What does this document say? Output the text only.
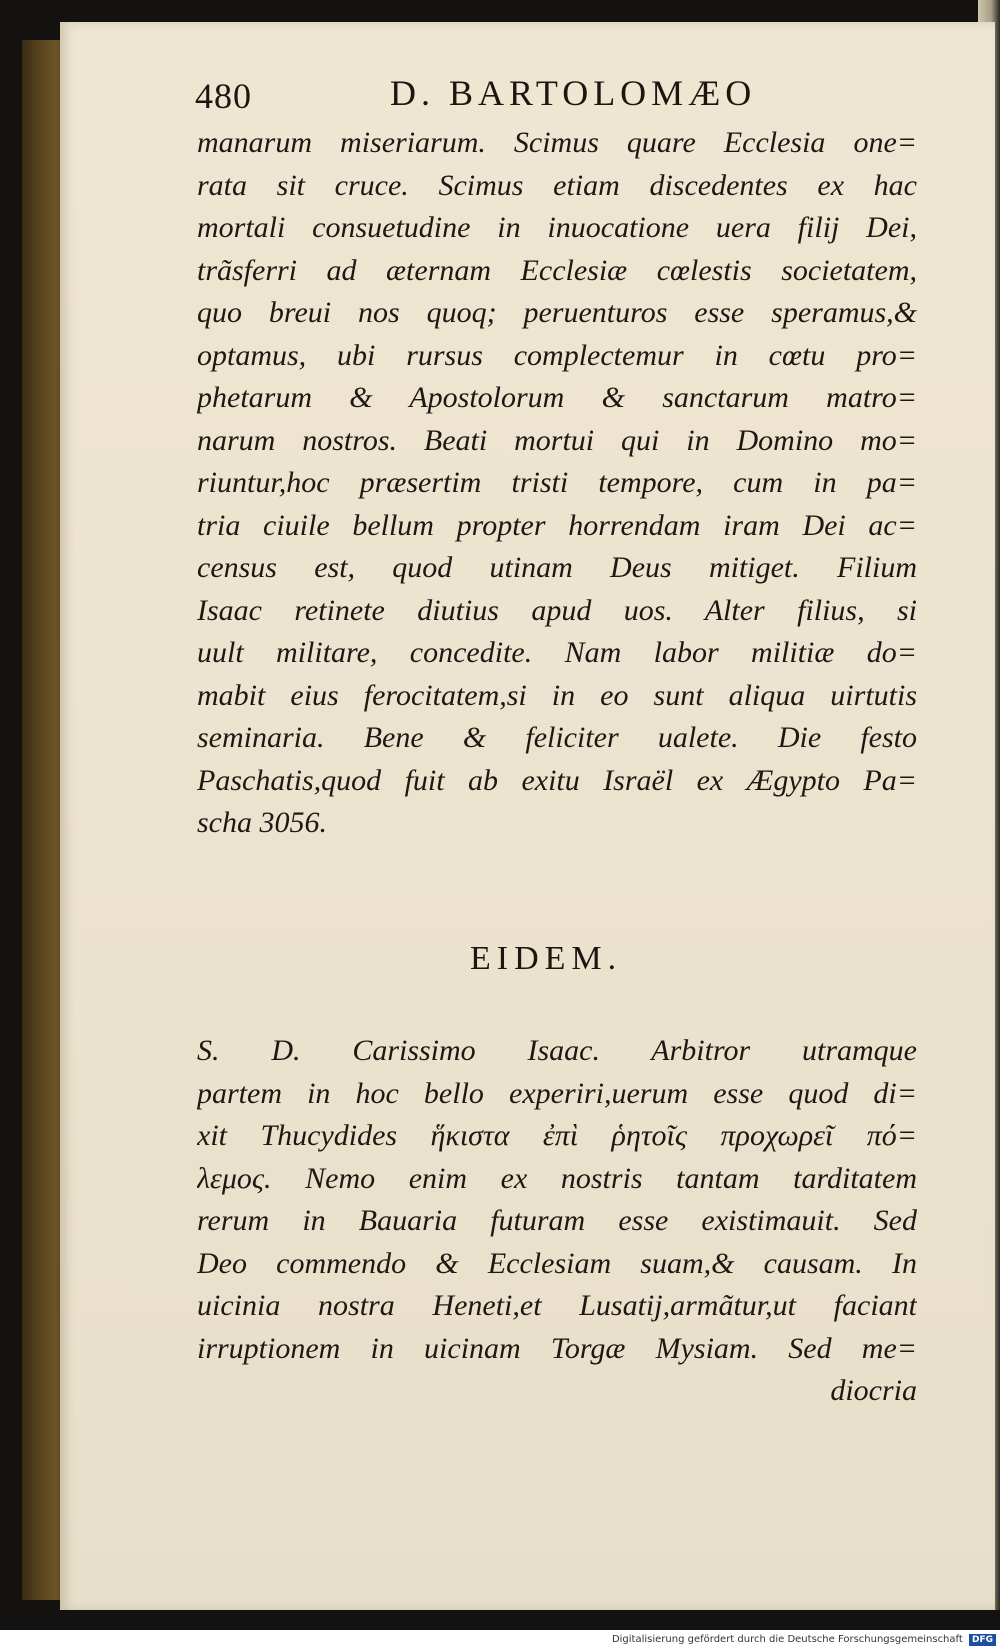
480	D. BARTOLOMÆO
manarum miseriarum. Scimus quare Ecclesia one=
rata sit cruce. Scimus etiam discedentes ex hac
mortali consuetudine in inuocatione uera filij Dei,
trãsferri ad æternam Ecclesiæ cœlestis societatem,
quo breui nos quoq; peruenturos esse speramus,&
optamus, ubi rursus complectemur in cœtu pro=
phetarum & Apostolorum & sanctarum matro=
narum nostros. Beati mortui qui in Domino mo=
riuntur,hoc præsertim tristi tempore, cum in pa=
tria ciuile bellum propter horrendam iram Dei ac=
census est, quod utinam Deus mitiget. Filium
Isaac retinete diutius apud uos. Alter filius, si
uult militare, concedite. Nam labor militiæ do=
mabit eius ferocitatem,si in eo sunt aliqua uirtutis
seminaria. Bene & feliciter ualete. Die festo
Paschatis,quod fuit ab exitu Israël ex Ægypto Pa=
scha 3056.
EIDEM.
S. D. Carissimo Isaac. Arbitror utramque
partem in hoc bello experiri,uerum esse quod di=
xit Thucydides ἥκιστα ἐπὶ ῥητοῖς πρoχωρεῖ πό=
λεμος. Nemo enim ex nostris tantam tarditatem
rerum in Bauaria futuram esse existimauit. Sed
Deo commendo & Ecclesiam suam,& causam. In
uicinia nostra Heneti,et Lusatij,armãtur,ut faciant
irruptionem in uicinam Torgæ Mysiam. Sed me=
diocria
Digitalisierung gefördert durch die Deutsche Forschungsgemeinschaft DFG
